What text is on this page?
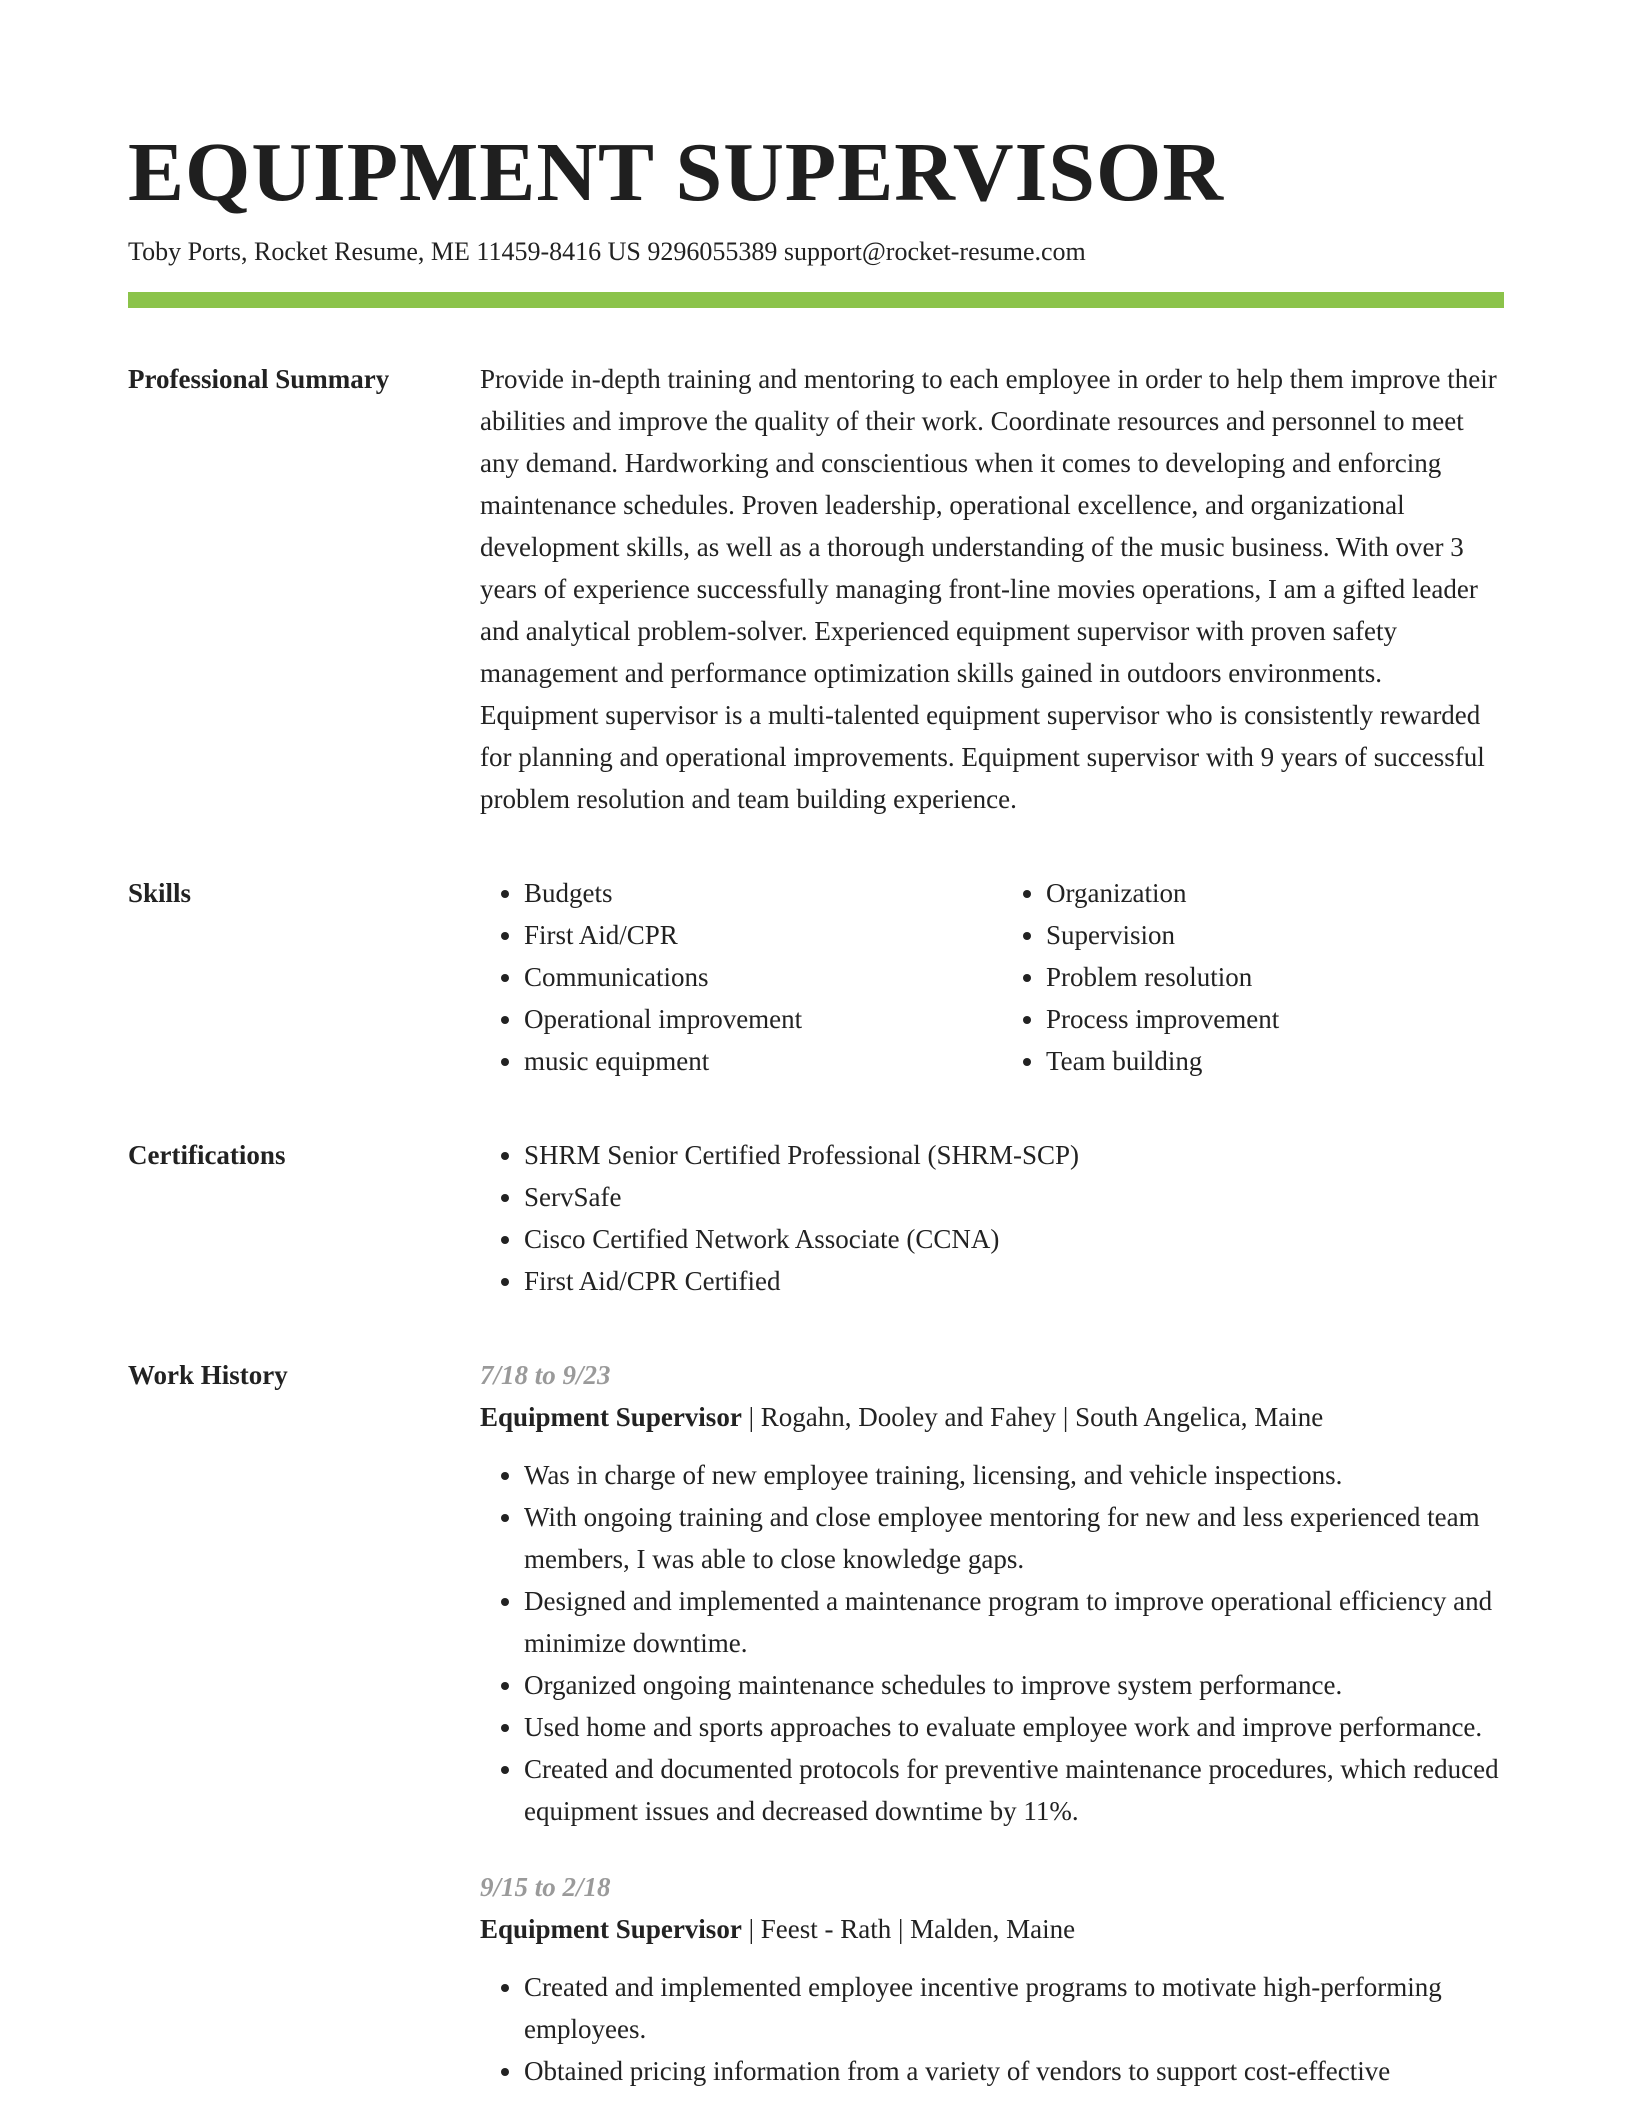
EQUIPMENT SUPERVISOR
Toby Ports, Rocket Resume, ME 11459-8416 US 9296055389 support@rocket-resume.com
Professional Summary	Provide in-depth training and mentoring to each employee in order to help them improve their abilities and improve the quality of their work. Coordinate resources and personnel to meet any demand. Hardworking and conscientious when it comes to developing and enforcing maintenance schedules. Proven leadership, operational excellence, and organizational development skills, as well as a thorough understanding of the music business. With over 3 years of experience successfully managing front-line movies operations, I am a gifted leader and analytical problem-solver. Experienced equipment supervisor with proven safety management and performance optimization skills gained in outdoors environments. Equipment supervisor is a multi-talented equipment supervisor who is consistently rewarded for planning and operational improvements. Equipment supervisor with 9 years of successful problem resolution and team building experience.

Skills	• Budgets
• First Aid/CPR
• Communications
• Operational improvement
• music equipment
• Organization
• Supervision
• Problem resolution
• Process improvement
• Team building
Certifications	• SHRM Senior Certified Professional (SHRM-SCP)
• ServSafe
• Cisco Certified Network Associate (CCNA)
• First Aid/CPR Certified
Work History	7/18 to 9/23
Equipment Supervisor | Rogahn, Dooley and Fahey | South Angelica, Maine
• Was in charge of new employee training, licensing, and vehicle inspections.
• With ongoing training and close employee mentoring for new and less experienced team members, I was able to close knowledge gaps.
• Designed and implemented a maintenance program to improve operational efficiency and minimize downtime.
• Organized ongoing maintenance schedules to improve system performance.
• Used home and sports approaches to evaluate employee work and improve performance.
• Created and documented protocols for preventive maintenance procedures, which reduced equipment issues and decreased downtime by 11%.
9/15 to 2/18
Equipment Supervisor | Feest - Rath | Malden, Maine
• Created and implemented employee incentive programs to motivate high-performing employees.
• Obtained pricing information from a variety of vendors to support cost-effective
